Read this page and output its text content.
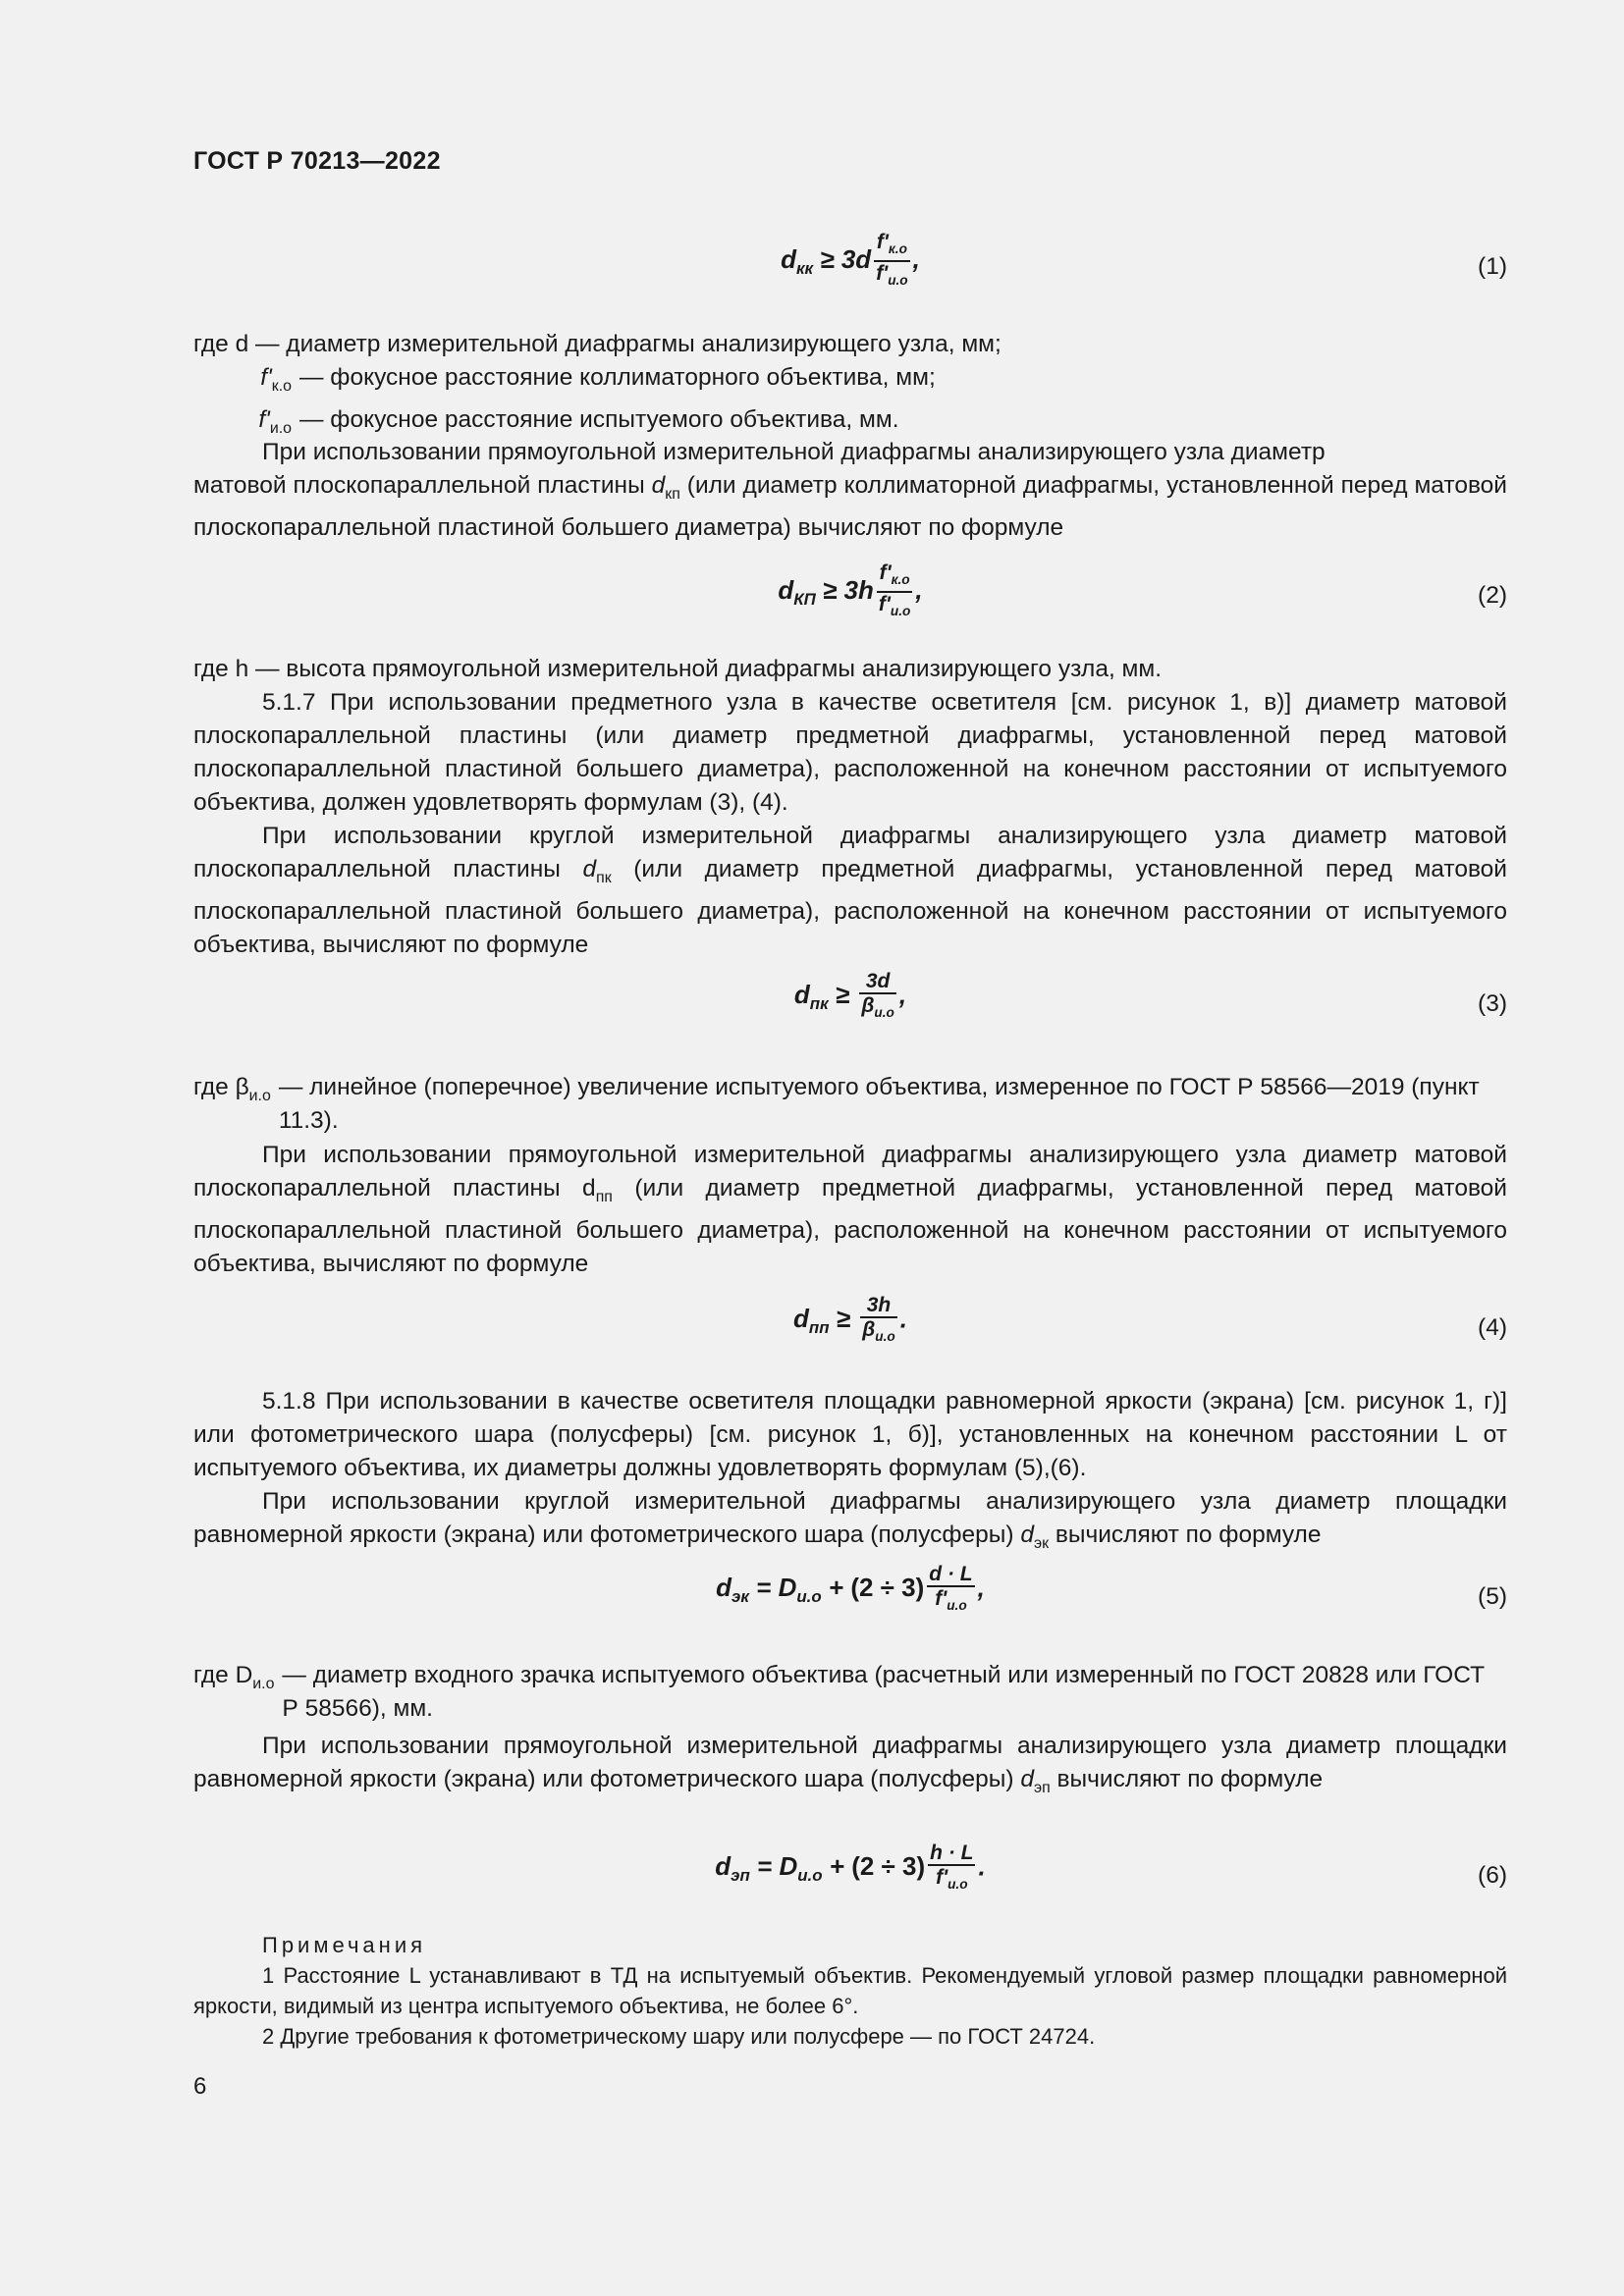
ГОСТ Р 70213—2022
$d_{кк} \ge 3d \frac{f'_{к.о}}{f'_{и.о}}$ ,	(1)
где d — диаметр измерительной диафрагмы анализирующего узла, мм;
$f'_{к.о}$ — фокусное расстояние коллиматорного объектива, мм;
$f'_{и.о}$ — фокусное расстояние испытуемого объектива, мм.

При использовании прямоугольной измерительной диафрагмы анализирующего узла диаметр

матовой плоскопараллельной пластины $d_{кп}$ (или диаметр коллиматорной диафрагмы, установленной перед матовой плоскопараллельной пластиной большего диаметра) вычисляют по формуле

$d_{КП} \ge 3h \frac{f'_{к.о}}{f'_{и.о}}$ ,	(2)

где h — высота прямоугольной измерительной диафрагмы анализирующего узла, мм.

5.1.7 При использовании предметного узла в качестве осветителя [см. рисунок 1, в)] диаметр матовой плоскопараллельной пластины (или диаметр предметной диафрагмы, установленной перед матовой плоскопараллельной пластиной большего диаметра), расположенной на конечном расстоянии от испытуемого объектива, должен удовлетворять формулам (3), (4).

При использовании круглой измерительной диафрагмы анализирующего узла диаметр матовой плоскопараллельной пластины $d_{пк}$ (или диаметр предметной диафрагмы, установленной перед матовой плоскопараллельной пластиной большего диаметра), расположенной на конечном расстоянии от испытуемого объектива, вычисляют по формуле

$d_{пк} \ge \frac{3d}{\beta_{и.о}}$ ,	(3)
где $\beta_{и.о}$ — линейное (поперечное) увеличение испытуемого объектива, измеренное по ГОСТ Р 58566—2019 (пункт 11.3).

При использовании прямоугольной измерительной диафрагмы анализирующего узла диаметр матовой плоскопараллельной пластины $d_{пп}$ (или диаметр предметной диафрагмы, установленной перед матовой плоскопараллельной пластиной большего диаметра), расположенной на конечном расстоянии от испытуемого объектива, вычисляют по формуле

$d_{пп} \ge \frac{3h}{\beta_{и.о}}$ .	(4)

5.1.8 При использовании в качестве осветителя площадки равномерной яркости (экрана) [см. рисунок 1, г)] или фотометрического шара (полусферы) [см. рисунок 1, б)], установленных на конечном расстоянии L от испытуемого объектива, их диаметры должны удовлетворять формулам (5),(6).

При использовании круглой измерительной диафрагмы анализирующего узла диаметр площадки равномерной яркости (экрана) или фотометрического шара (полусферы) $d_{эк}$ вычисляют по формуле

$d_{эк} = D_{и.о} + (2 \div 3) \frac{d \cdot L}{f'_{и.о}}$ ,	(5)
где $D_{и.о}$ — диаметр входного зрачка испытуемого объектива (расчетный или измеренный по ГОСТ 20828 или ГОСТ Р 58566), мм.

При использовании прямоугольной измерительной диафрагмы анализирующего узла диаметр площадки равномерной яркости (экрана) или фотометрического шара (полусферы) $d_{эп}$ вычисляют по формуле

$d_{эп} = D_{и.о} + (2 \div 3) \frac{h \cdot L}{f'_{и.о}}$ .	(6)
Примечания

1 Расстояние L устанавливают в ТД на испытуемый объектив. Рекомендуемый угловой размер площадки равномерной яркости, видимый из центра испытуемого объектива, не более 6°.

2 Другие требования к фотометрическому шару или полусфере — по ГОСТ 24724.

6
